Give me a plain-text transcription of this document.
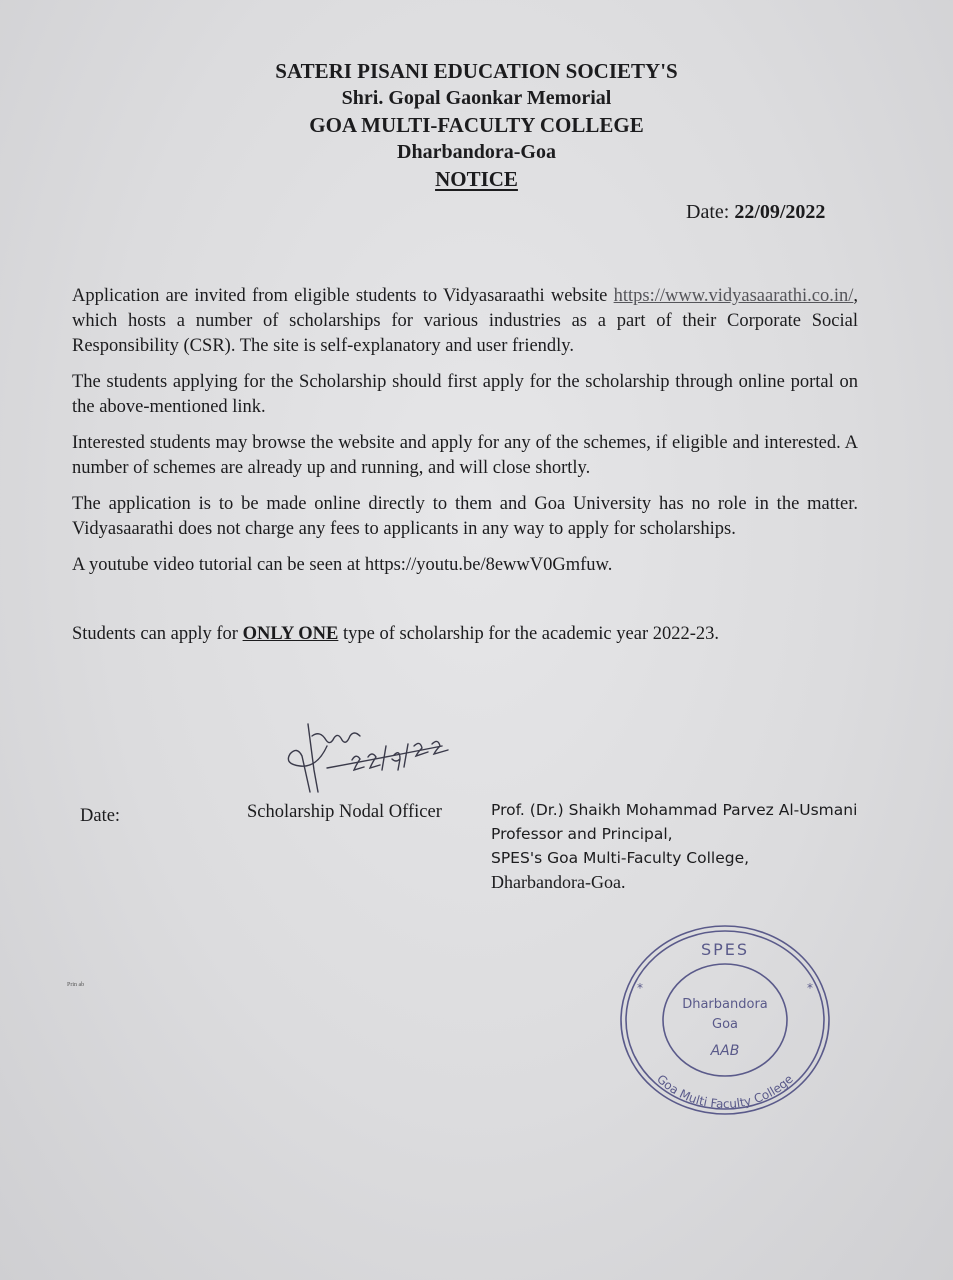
SATERI PISANI EDUCATION SOCIETY'S
Shri. Gopal Gaonkar Memorial
GOA MULTI-FACULTY COLLEGE
Dharbandora-Goa
NOTICE
Date: 22/09/2022

Application are invited from eligible students to Vidyasaraathi website https://www.vidyasaarathi.co.in/, which hosts a number of scholarships for various industries as a part of their Corporate Social Responsibility (CSR). The site is self-explanatory and user friendly.

The students applying for the Scholarship should first apply for the scholarship through online portal on the above-mentioned link.

Interested students may browse the website and apply for any of the schemes, if eligible and interested. A number of schemes are already up and running, and will close shortly.

The application is to be made online directly to them and Goa University has no role in the matter. Vidyasaarathi does not charge any fees to applicants in any way to apply for scholarships.

A youtube video tutorial can be seen at https://youtu.be/8ewwV0Gmfuw.

Students can apply for ONLY ONE type of scholarship for the academic year 2022-23.

Date:	Scholarship Nodal Officer	Prof. (Dr.) Shaikh Mohammad Parvez Al-Usmani
Professor and Principal,
SPES's Goa Multi-Faculty College,
Dharbandora-Goa.
Prin ab
SPES
Dharbandora
Goa
AAB
*	*
Goa Multi Faculty College
